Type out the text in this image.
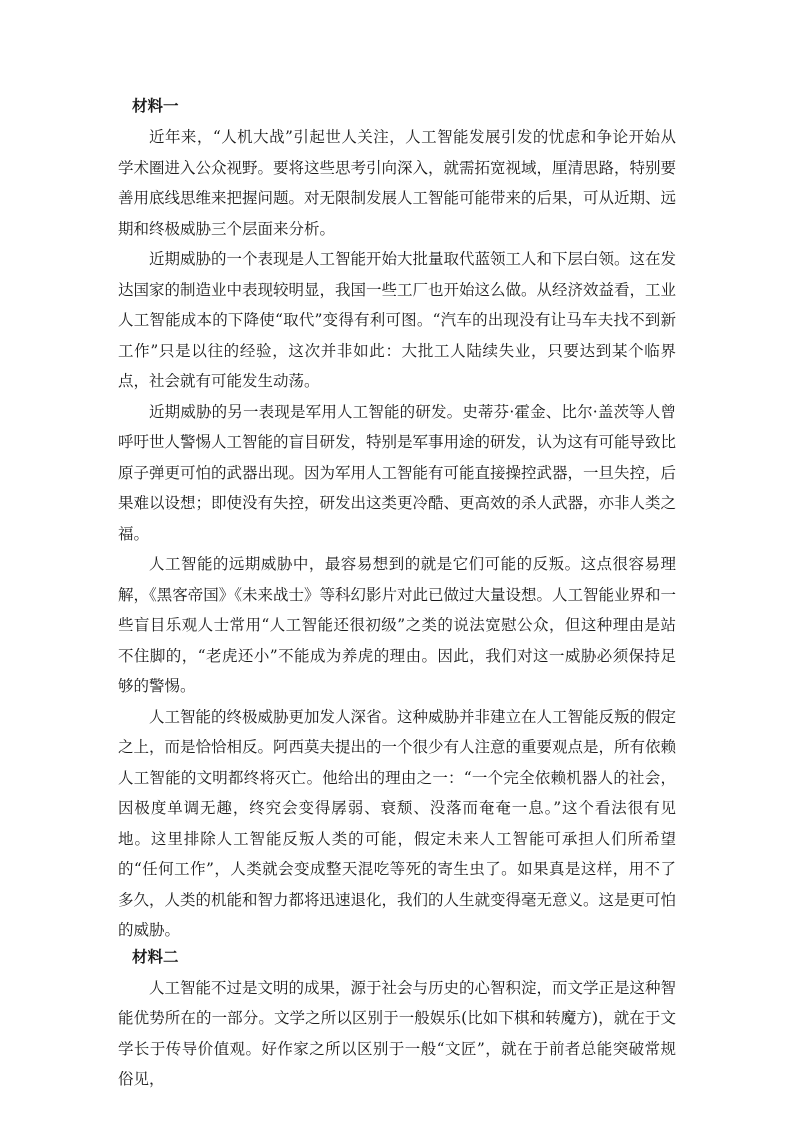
材料一

近年来，“人机大战”引起世人关注，人工智能发展引发的忧虑和争论开始从学术圈进入公众视野。要将这些思考引向深入，就需拓宽视域，厘清思路，特别要善用底线思维来把握问题。对无限制发展人工智能可能带来的后果，可从近期、远期和终极威胁三个层面来分析。

近期威胁的一个表现是人工智能开始大批量取代蓝领工人和下层白领。这在发达国家的制造业中表现较明显，我国一些工厂也开始这么做。从经济效益看，工业人工智能成本的下降使“取代”变得有利可图。“汽车的出现没有让马车夫找不到新工作”只是以往的经验，这次并非如此：大批工人陆续失业，只要达到某个临界点，社会就有可能发生动荡。

近期威胁的另一表现是军用人工智能的研发。史蒂芬·霍金、比尔·盖茨等人曾呼吁世人警惕人工智能的盲目研发，特别是军事用途的研发，认为这有可能导致比原子弹更可怕的武器出现。因为军用人工智能有可能直接操控武器，一旦失控，后果难以设想；即使没有失控，研发出这类更冷酷、更高效的杀人武器，亦非人类之福。

人工智能的远期威胁中，最容易想到的就是它们可能的反叛。这点很容易理解，《黑客帝国》《未来战士》等科幻影片对此已做过大量设想。人工智能业界和一些盲目乐观人士常用“人工智能还很初级”之类的说法宽慰公众，但这种理由是站不住脚的，“老虎还小”不能成为养虎的理由。因此，我们对这一威胁必须保持足够的警惕。

人工智能的终极威胁更加发人深省。这种威胁并非建立在人工智能反叛的假定之上，而是恰恰相反。阿西莫夫提出的一个很少有人注意的重要观点是，所有依赖人工智能的文明都终将灭亡。他给出的理由之一：“一个完全依赖机器人的社会，因极度单调无趣，终究会变得孱弱、衰颓、没落而奄奄一息。”这个看法很有见地。这里排除人工智能反叛人类的可能，假定未来人工智能可承担人们所希望的“任何工作”，人类就会变成整天混吃等死的寄生虫了。如果真是这样，用不了多久，人类的机能和智力都将迅速退化，我们的人生就变得毫无意义。这是更可怕的威胁。

材料二

人工智能不过是文明的成果，源于社会与历史的心智积淀，而文学正是这种智能优势所在的一部分。文学之所以区别于一般娱乐(比如下棋和转魔方)，就在于文学长于传导价值观。好作家之所以区别于一般“文匠”，就在于前者总能突破常规俗见，
